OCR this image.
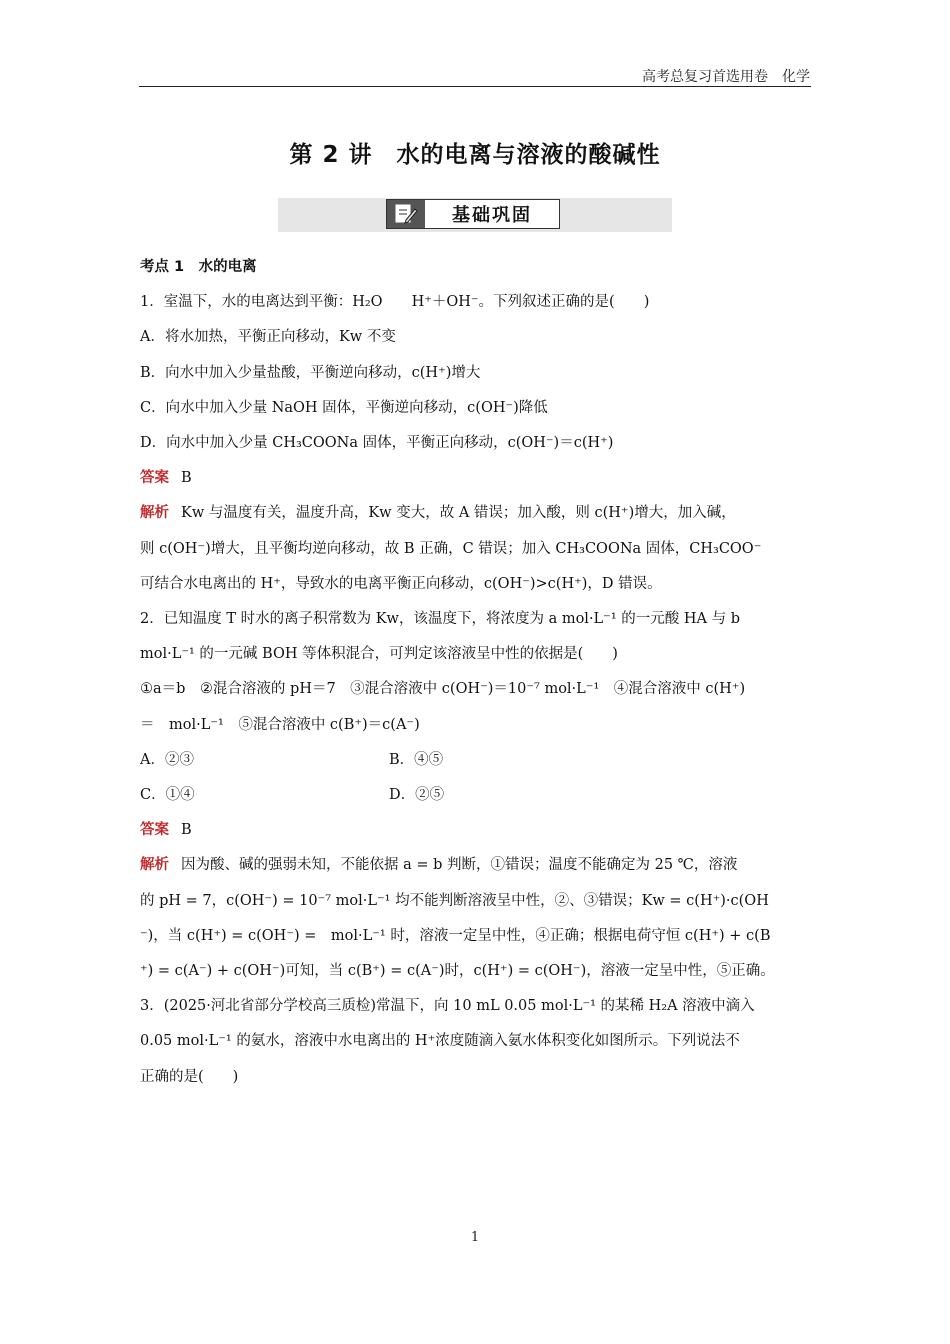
高考总复习首选用卷 化学
第 2 讲　水的电离与溶液的酸碱性
基础巩固
考点 1　水的电离
1．室温下，水的电离达到平衡：H₂O　　H⁺＋OH⁻。下列叙述正确的是(　　)
A．将水加热，平衡正向移动，Kw 不变
B．向水中加入少量盐酸，平衡逆向移动，c(H⁺)增大
C．向水中加入少量 NaOH 固体，平衡逆向移动，c(OH⁻)降低
D．向水中加入少量 CH₃COONa 固体，平衡正向移动，c(OH⁻)＝c(H⁺)
答案 B
解析 Kw 与温度有关，温度升高，Kw 变大，故 A 错误；加入酸，则 c(H⁺)增大，加入碱，
则 c(OH⁻)增大，且平衡均逆向移动，故 B 正确，C 错误；加入 CH₃COONa 固体，CH₃COO⁻
可结合水电离出的 H⁺，导致水的电离平衡正向移动，c(OH⁻)>c(H⁺)，D 错误。
2．已知温度 T 时水的离子积常数为 Kw，该温度下，将浓度为 a mol·L⁻¹ 的一元酸 HA 与 b
mol·L⁻¹ 的一元碱 BOH 等体积混合，可判定该溶液呈中性的依据是(　　)
①a＝b　②混合溶液的 pH＝7　③混合溶液中 c(OH⁻)＝10⁻⁷ mol·L⁻¹　④混合溶液中 c(H⁺)
＝　mol·L⁻¹　⑤混合溶液中 c(B⁺)＝c(A⁻)
A．②③	B．④⑤
C．①④	D．②⑤
答案 B
解析 因为酸、碱的强弱未知，不能依据 a = b 判断，①错误；温度不能确定为 25 ℃，溶液
的 pH = 7，c(OH⁻) = 10⁻⁷ mol·L⁻¹ 均不能判断溶液呈中性，②、③错误；Kw = c(H⁺)·c(OH
⁻)，当 c(H⁺) = c(OH⁻) =　mol·L⁻¹ 时，溶液一定呈中性，④正确；根据电荷守恒 c(H⁺) + c(B
⁺) = c(A⁻) + c(OH⁻)可知，当 c(B⁺) = c(A⁻)时，c(H⁺) = c(OH⁻)，溶液一定呈中性，⑤正确。
3．(2025·河北省部分学校高三质检)常温下，向 10 mL 0.05 mol·L⁻¹ 的某稀 H₂A 溶液中滴入
0.05 mol·L⁻¹ 的氨水，溶液中水电离出的 H⁺浓度随滴入氨水体积变化如图所示。下列说法不
正确的是(　　)
1
